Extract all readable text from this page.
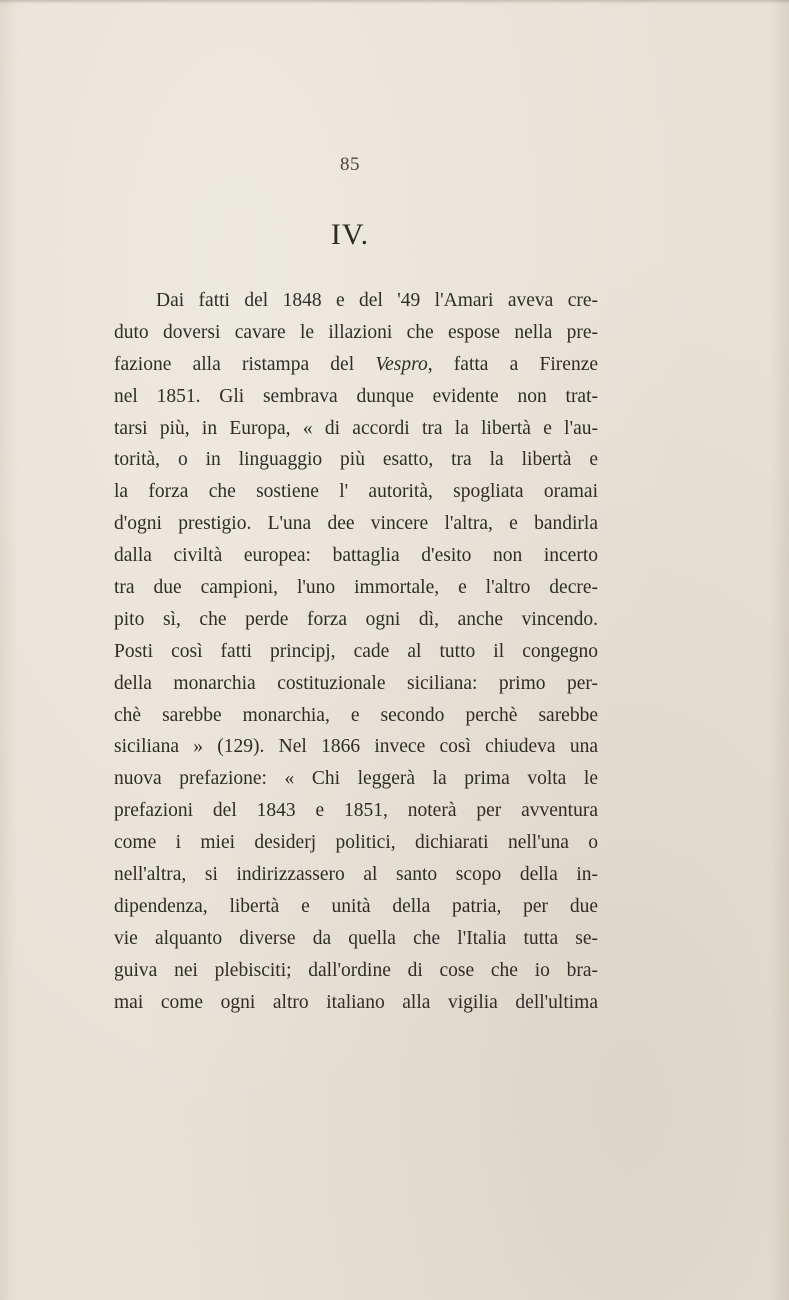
85
IV.
Dai fatti del 1848 e del '49 l'Amari aveva cre-
duto doversi cavare le illazioni che espose nella pre-
fazione alla ristampa del Vespro, fatta a Firenze
nel 1851. Gli sembrava dunque evidente non trat-
tarsi più, in Europa, « di accordi tra la libertà e l'au-
torità, o in linguaggio più esatto, tra la libertà e
la forza che sostiene l' autorità, spogliata oramai
d'ogni prestigio. L'una dee vincere l'altra, e bandirla
dalla civiltà europea: battaglia d'esito non incerto
tra due campioni, l'uno immortale, e l'altro decre-
pito sì, che perde forza ogni dì, anche vincendo.
Posti così fatti principj, cade al tutto il congegno
della monarchia costituzionale siciliana: primo per-
chè sarebbe monarchia, e secondo perchè sarebbe
siciliana » (129). Nel 1866 invece così chiudeva una
nuova prefazione: « Chi leggerà la prima volta le
prefazioni del 1843 e 1851, noterà per avventura
come i miei desiderj politici, dichiarati nell'una o
nell'altra, si indirizzassero al santo scopo della in-
dipendenza, libertà e unità della patria, per due
vie alquanto diverse da quella che l'Italia tutta se-
guiva nei plebisciti; dall'ordine di cose che io bra-
mai come ogni altro italiano alla vigilia dell'ultima
